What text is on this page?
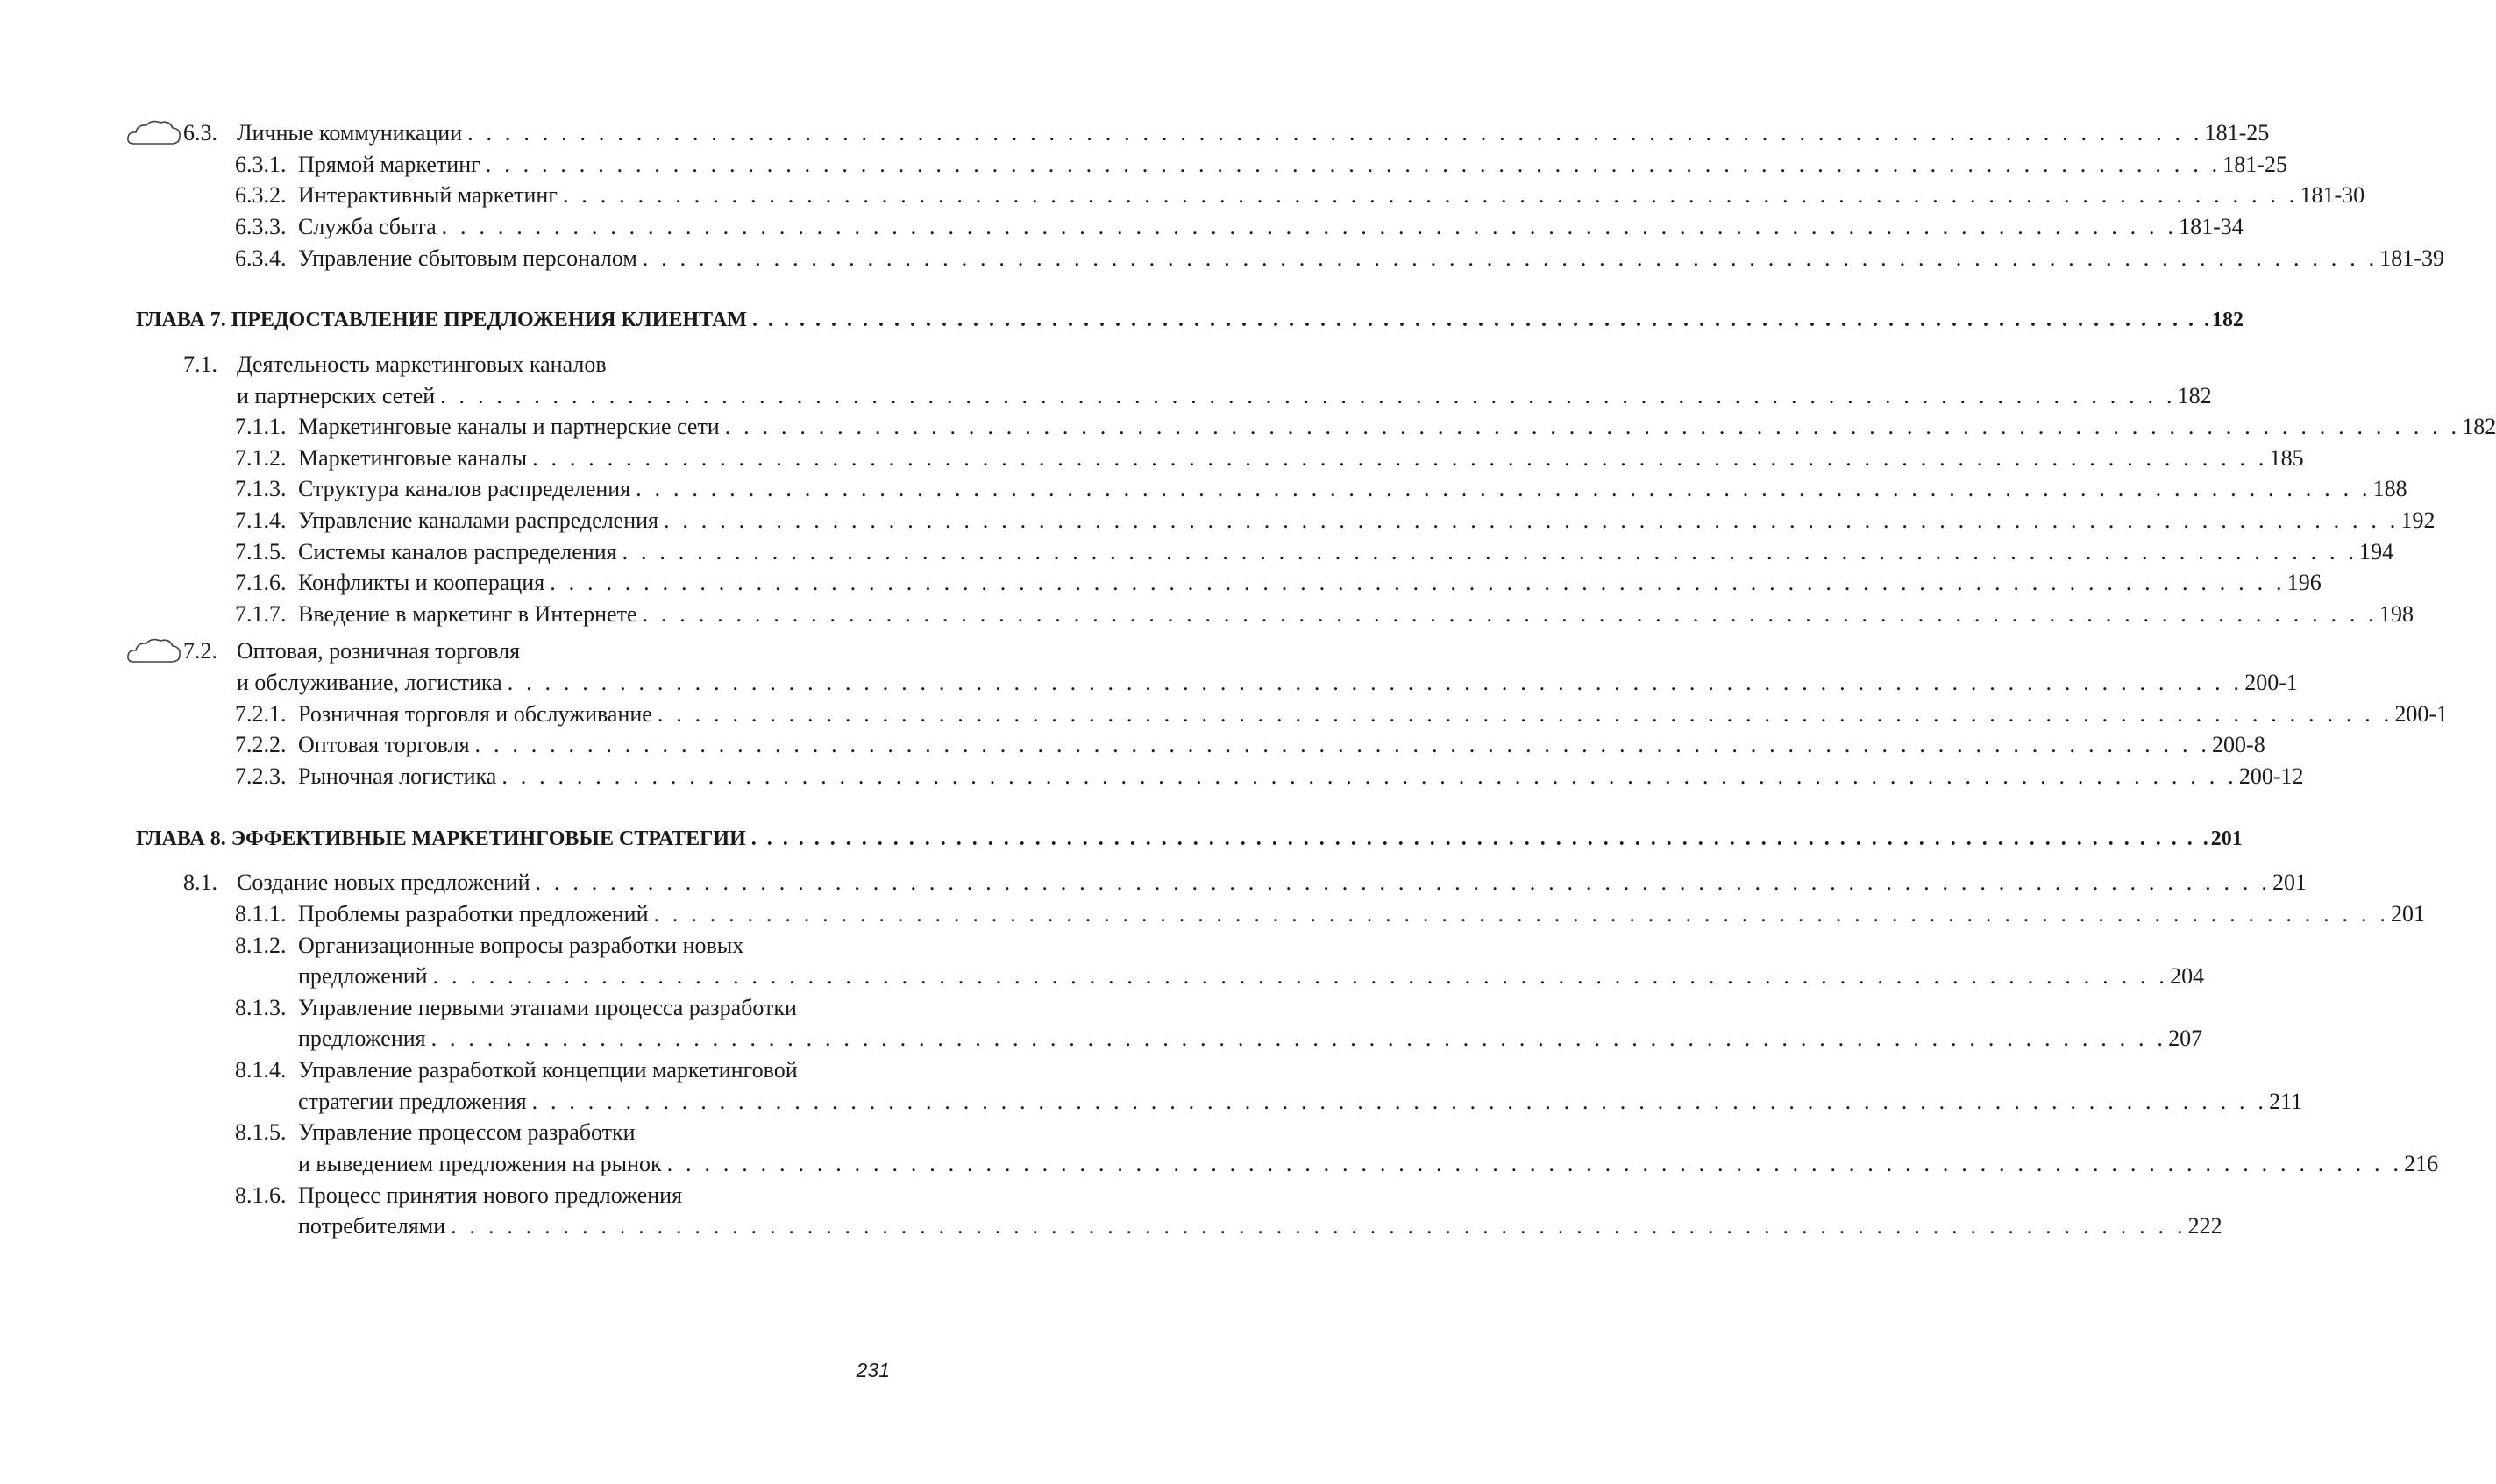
6.3. Личные коммуникации . . . . . . . . . . . . . . . . . . . . . . . . . . . . . . . . . . . . . . . . . . . . . . . . . . . . . . . . . . . . . . . . . . . . . . . . . . . . . . . . . . . . . . . . . . . . . 181-25
6.3.1. Прямой маркетинг . . . . . . . . . . . . . . . . . . . . . . . . . . . . . . . . . . . . . . . . . . . . . . . . . . . . . . . . . . . . . . . . . . . . . . . . . . . . . . . . . . . . . . . . . . . . . 181-25
6.3.2. Интерактивный маркетинг . . . . . . . . . . . . . . . . . . . . . . . . . . . . . . . . . . . . . . . . . . . . . . . . . . . . . . . . . . . . . . . . . . . . . . . . . . . . . . . . . . . . . . . . . . . . . 181-30
6.3.3. Служба сбыта . . . . . . . . . . . . . . . . . . . . . . . . . . . . . . . . . . . . . . . . . . . . . . . . . . . . . . . . . . . . . . . . . . . . . . . . . . . . . . . . . . . . . . . . . . . . . 181-34
6.3.4. Управление сбытовым персоналом . . . . . . . . . . . . . . . . . . . . . . . . . . . . . . . . . . . . . . . . . . . . . . . . . . . . . . . . . . . . . . . . . . . . . . . . . . . . . . . . . . . . . . . . . . . . . 181-39
ГЛАВА 7. ПРЕДОСТАВЛЕНИЕ ПРЕДЛОЖЕНИЯ КЛИЕНТАМ . . . . . . . . . . . . . . . . . . . . . . . . . . . . . . . . . . . . . . . . . . . . . . . . . . . . . . . . . . . . . . . . . . . . . . . . . . . . . . . . . . . . . . . . . . . . . 182
7.1. Деятельность маркетинговых каналов
и партнерских сетей . . . . . . . . . . . . . . . . . . . . . . . . . . . . . . . . . . . . . . . . . . . . . . . . . . . . . . . . . . . . . . . . . . . . . . . . . . . . . . . . . . . . . . . . . . . . . 182
7.1.1. Маркетинговые каналы и партнерские сети . . . . . . . . . . . . . . . . . . . . . . . . . . . . . . . . . . . . . . . . . . . . . . . . . . . . . . . . . . . . . . . . . . . . . . . . . . . . . . . . . . . . . . . . . . . . . 182
7.1.2. Маркетинговые каналы . . . . . . . . . . . . . . . . . . . . . . . . . . . . . . . . . . . . . . . . . . . . . . . . . . . . . . . . . . . . . . . . . . . . . . . . . . . . . . . . . . . . . . . . . . . . . 185
7.1.3. Структура каналов распределения . . . . . . . . . . . . . . . . . . . . . . . . . . . . . . . . . . . . . . . . . . . . . . . . . . . . . . . . . . . . . . . . . . . . . . . . . . . . . . . . . . . . . . . . . . . . . 188
7.1.4. Управление каналами распределения . . . . . . . . . . . . . . . . . . . . . . . . . . . . . . . . . . . . . . . . . . . . . . . . . . . . . . . . . . . . . . . . . . . . . . . . . . . . . . . . . . . . . . . . . . . . . 192
7.1.5. Системы каналов распределения . . . . . . . . . . . . . . . . . . . . . . . . . . . . . . . . . . . . . . . . . . . . . . . . . . . . . . . . . . . . . . . . . . . . . . . . . . . . . . . . . . . . . . . . . . . . . 194
7.1.6. Конфликты и кооперация . . . . . . . . . . . . . . . . . . . . . . . . . . . . . . . . . . . . . . . . . . . . . . . . . . . . . . . . . . . . . . . . . . . . . . . . . . . . . . . . . . . . . . . . . . . . . 196
7.1.7. Введение в маркетинг в Интернете . . . . . . . . . . . . . . . . . . . . . . . . . . . . . . . . . . . . . . . . . . . . . . . . . . . . . . . . . . . . . . . . . . . . . . . . . . . . . . . . . . . . . . . . . . . . . 198
7.2. Оптовая, розничная торговля
и обслуживание, логистика . . . . . . . . . . . . . . . . . . . . . . . . . . . . . . . . . . . . . . . . . . . . . . . . . . . . . . . . . . . . . . . . . . . . . . . . . . . . . . . . . . . . . . . . . . . . . 200-1
7.2.1. Розничная торговля и обслуживание . . . . . . . . . . . . . . . . . . . . . . . . . . . . . . . . . . . . . . . . . . . . . . . . . . . . . . . . . . . . . . . . . . . . . . . . . . . . . . . . . . . . . . . . . . . . . 200-1
7.2.2. Оптовая торговля . . . . . . . . . . . . . . . . . . . . . . . . . . . . . . . . . . . . . . . . . . . . . . . . . . . . . . . . . . . . . . . . . . . . . . . . . . . . . . . . . . . . . . . . . . . . . 200-8
7.2.3. Рыночная логистика . . . . . . . . . . . . . . . . . . . . . . . . . . . . . . . . . . . . . . . . . . . . . . . . . . . . . . . . . . . . . . . . . . . . . . . . . . . . . . . . . . . . . . . . . . . . . 200-12
ГЛАВА 8. ЭФФЕКТИВНЫЕ МАРКЕТИНГОВЫЕ СТРАТЕГИИ . . . . . . . . . . . . . . . . . . . . . . . . . . . . . . . . . . . . . . . . . . . . . . . . . . . . . . . . . . . . . . . . . . . . . . . . . . . . . . . . . . . . . . . . . . . . . 201
8.1. Создание новых предложений . . . . . . . . . . . . . . . . . . . . . . . . . . . . . . . . . . . . . . . . . . . . . . . . . . . . . . . . . . . . . . . . . . . . . . . . . . . . . . . . . . . . . . . . . . . . . 201
8.1.1. Проблемы разработки предложений . . . . . . . . . . . . . . . . . . . . . . . . . . . . . . . . . . . . . . . . . . . . . . . . . . . . . . . . . . . . . . . . . . . . . . . . . . . . . . . . . . . . . . . . . . . . . 201
8.1.2. Организационные вопросы разработки новых
предложений . . . . . . . . . . . . . . . . . . . . . . . . . . . . . . . . . . . . . . . . . . . . . . . . . . . . . . . . . . . . . . . . . . . . . . . . . . . . . . . . . . . . . . . . . . . . . 204
8.1.3. Управление первыми этапами процесса разработки
предложения . . . . . . . . . . . . . . . . . . . . . . . . . . . . . . . . . . . . . . . . . . . . . . . . . . . . . . . . . . . . . . . . . . . . . . . . . . . . . . . . . . . . . . . . . . . . . 207
8.1.4. Управление разработкой концепции маркетинговой
стратегии предложения . . . . . . . . . . . . . . . . . . . . . . . . . . . . . . . . . . . . . . . . . . . . . . . . . . . . . . . . . . . . . . . . . . . . . . . . . . . . . . . . . . . . . . . . . . . . . 211
8.1.5. Управление процессом разработки
и выведением предложения на рынок . . . . . . . . . . . . . . . . . . . . . . . . . . . . . . . . . . . . . . . . . . . . . . . . . . . . . . . . . . . . . . . . . . . . . . . . . . . . . . . . . . . . . . . . . . . . . 216
8.1.6. Процесс принятия нового предложения
потребителями . . . . . . . . . . . . . . . . . . . . . . . . . . . . . . . . . . . . . . . . . . . . . . . . . . . . . . . . . . . . . . . . . . . . . . . . . . . . . . . . . . . . . . . . . . . . . 222
231
